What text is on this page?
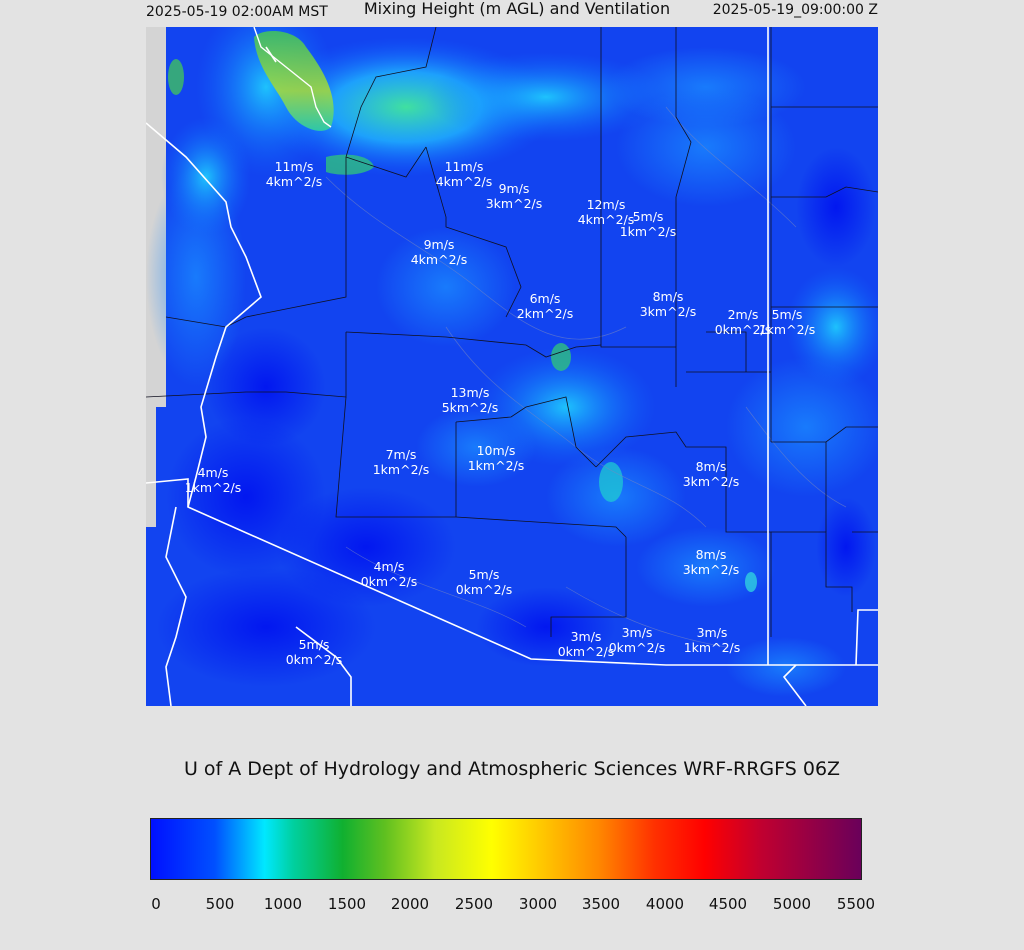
2025-05-19 02:00AM MST	Mixing Height (m AGL) and Ventilation	2025-05-19_09:00:00 Z
11m/s
4km^2/s
11m/s
4km^2/s 9m/s
3km^2/s	12m/s
4km^2/s
5m/s
1km^2/s
9m/s
4km^2/s
6m/s
2km^2/s
8m/s
3km^2/s	2m/s
0km^2/s
5m/s
1km^2/s
13m/s
5km^2/s
7m/s
1km^2/s
10m/s
1km^2/s	8m/s
3km^2/s
4m/s
1km^2/s
8m/s
3km^2/s
4m/s
0km^2/s	5m/s
0km^2/s
3m/s
0km^2/s
3m/s
0km^2/s
3m/s
1km^2/s
5m/s
0km^2/s
U of A Dept of Hydrology and Atmospheric Sciences WRF-RRGFS 06Z
0	500 1000 1500 2000 2500 3000 3500 4000 4500 5000 5500
